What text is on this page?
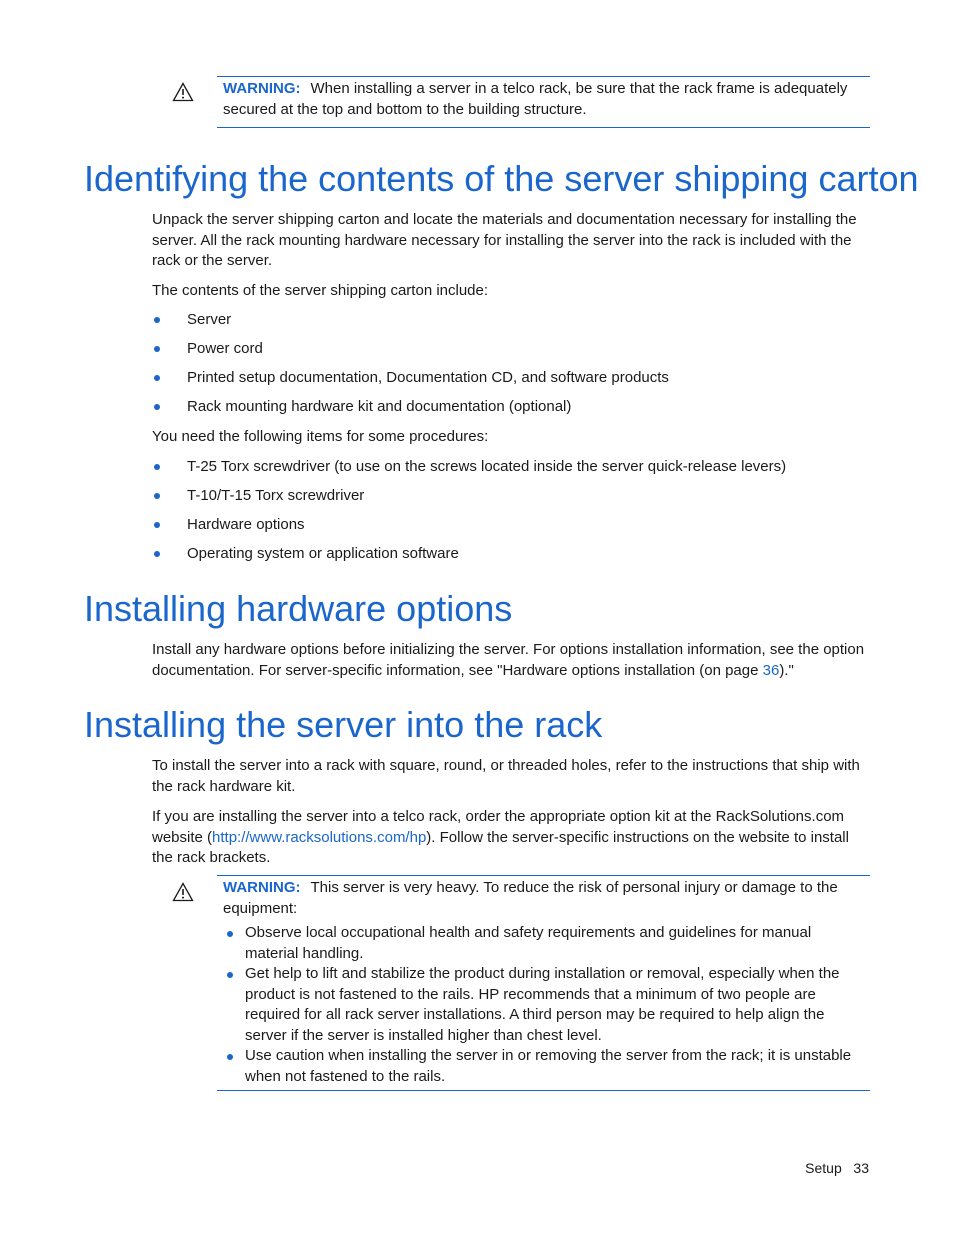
WARNING: When installing a server in a telco rack, be sure that the rack frame is adequately secured at the top and bottom to the building structure.
Identifying the contents of the server shipping carton

Unpack the server shipping carton and locate the materials and documentation necessary for installing the server. All the rack mounting hardware necessary for installing the server into the rack is included with the rack or the server.

The contents of the server shipping carton include:

Server
Power cord
Printed setup documentation, Documentation CD, and software products
Rack mounting hardware kit and documentation (optional)

You need the following items for some procedures:

T-25 Torx screwdriver (to use on the screws located inside the server quick-release levers)
T-10/T-15 Torx screwdriver
Hardware options
Operating system or application software
Installing hardware options

Install any hardware options before initializing the server. For options installation information, see the option documentation. For server-specific information, see "Hardware options installation (on page 36)."

Installing the server into the rack

To install the server into a rack with square, round, or threaded holes, refer to the instructions that ship with the rack hardware kit.

If you are installing the server into a telco rack, order the appropriate option kit at the RackSolutions.com website (http://www.racksolutions.com/hp). Follow the server-specific instructions on the website to install the rack brackets.

WARNING: This server is very heavy. To reduce the risk of personal injury or damage to the equipment:
Observe local occupational health and safety requirements and guidelines for manual material handling.
Get help to lift and stabilize the product during installation or removal, especially when the product is not fastened to the rails. HP recommends that a minimum of two people are required for all rack server installations. A third person may be required to help align the server if the server is installed higher than chest level.
Use caution when installing the server in or removing the server from the rack; it is unstable when not fastened to the rails.
Setup 33
